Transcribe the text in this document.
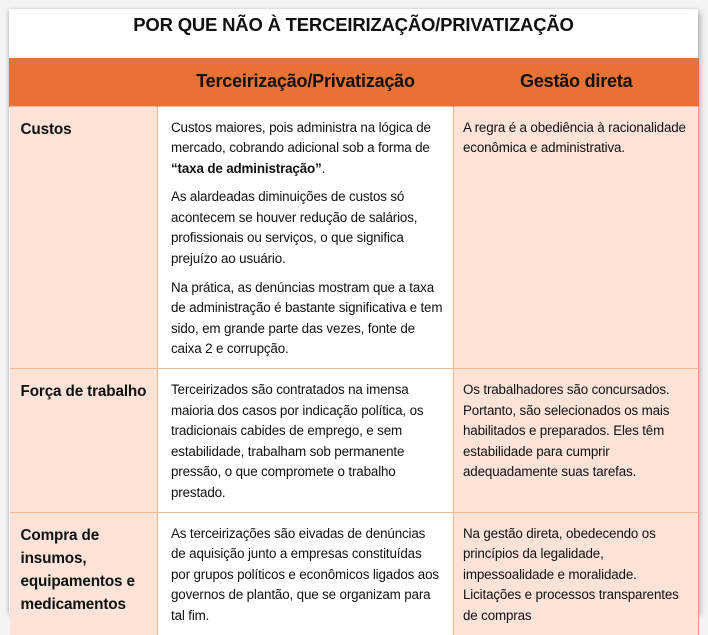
POR QUE NÃO À TERCEIRIZAÇÃO/PRIVATIZAÇÃO
	Terceirização/Privatização	Gestão direta
Custos	Custos maiores, pois administra na lógica de mercado, cobrando adicional sob a forma de “taxa de administração”.

As alardeadas diminuições de custos só acontecem se houver redução de salários, profissionais ou serviços, o que significa prejuízo ao usuário.

Na prática, as denúncias mostram que a taxa de administração é bastante significativa e tem sido, em grande parte das vezes, fonte de caixa 2 e corrupção.	A regra é a obediência à racionalidade econômica e administrativa.
Força de trabalho	Terceirizados são contratados na imensa maioria dos casos por indicação política, os tradicionais cabides de emprego, e sem estabilidade, trabalham sob permanente pressão, o que compromete o trabalho prestado.	Os trabalhadores são concursados. Portanto, são selecionados os mais habilitados e preparados. Eles têm estabilidade para cumprir adequadamente suas tarefas.
Compra de insumos, equipamentos e medicamentos	As terceirizações são eivadas de denúncias de aquisição junto a empresas constituídas por grupos políticos e econômicos ligados aos governos de plantão, que se organizam para tal fim.	Na gestão direta, obedecendo os princípios da legalidade, impessoalidade e moralidade. Licitações e processos transparentes de compras
